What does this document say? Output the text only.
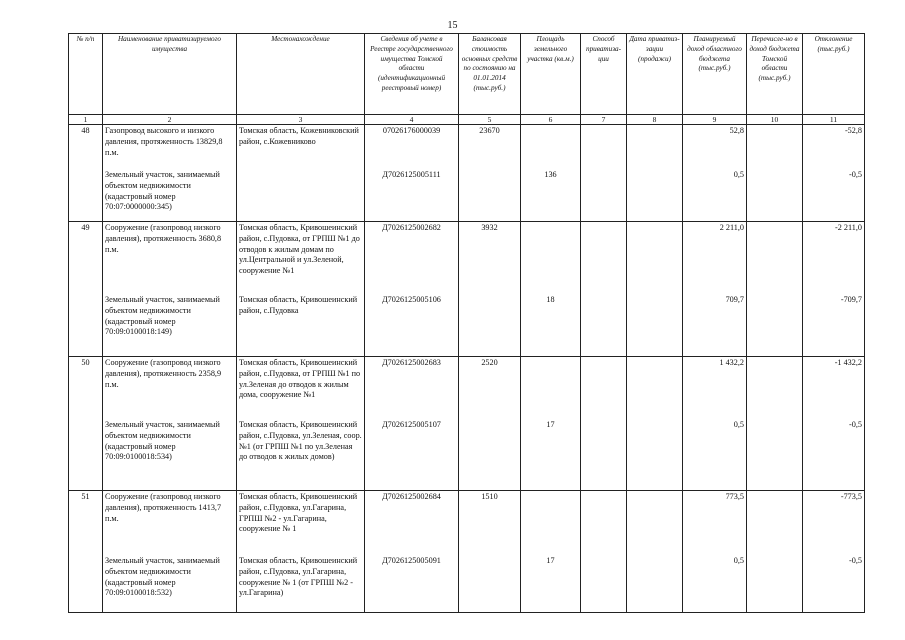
15
№ п/п	Наименование приватизируемого имущества	Местонахождение	Сведения об учете в Реестре государственного имущества Томской области (идентификационный реестровый номер)	Балансовая стоимость основных средств по состоянию на 01.01.2014 (тыс.руб.)	Площадь земельного участка (кв.м.)	Способ приватиза-ции	Дата приватиз-зации (продажи)	Планируемый доход областного бюджета (тыс.руб.)	Перечисле-но в доход бюджета Томской области (тыс.руб.)	Отклонение (тыс.руб.)
1	2	3	4	5	6	7	8	9	10	11
48	Газопровод высокого и низкого давления, протяженность 13829,8 п.м.	Томская область, Кожевниковский район, с.Кожевниково	07026176000039	23670				52,8		-52,8
	Земельный участок, занимаемый объектом недвижимости (кадастровый номер 70:07:0000000:345)		Д7026125005111		136			0,5		-0,5
49	Сооружение (газопровод низкого давления), протяженность 3680,8 п.м.	Томская область, Кривошеинский район, с.Пудовка, от ГРПШ №1 до отводов к жилым домам по ул.Центральной и ул.Зеленой, сооружение №1	Д7026125002682	3932				2 211,0		-2 211,0
	Земельный участок, занимаемый объектом недвижимости (кадастровый номер 70:09:0100018:149)	Томская область, Кривошеинский район, с.Пудовка	Д7026125005106		18			709,7		-709,7
50	Сооружение (газопровод низкого давления), протяженность 2358,9 п.м.	Томская область, Кривошеинский район, с.Пудовка, от ГРПШ №1 по ул.Зеленая до отводов к жилым дома, сооружение №1	Д7026125002683	2520				1 432,2		-1 432,2
	Земельный участок, занимаемый объектом недвижимости (кадастровый номер 70:09:0100018:534)	Томская область, Кривошеинский район, с.Пудовка, ул.Зеленая, соор.№1 (от ГРПШ №1 по ул.Зеленая до отводов к жилых домов)	Д7026125005107		17			0,5		-0,5
51	Сооружение (газопровод низкого давления), протяженность 1413,7 п.м.	Томская область, Кривошеинский район, с.Пудовка, ул.Гагарина, ГРПШ №2 - ул.Гагарина, сооружение № 1	Д7026125002684	1510				773,5		-773,5
	Земельный участок, занимаемый объектом недвижимости (кадастровый номер 70:09:0100018:532)	Томская область, Кривошеинский район, с.Пудовка, ул.Гагарина, сооружение № 1 (от ГРПШ №2 - ул.Гагарина)	Д7026125005091		17			0,5		-0,5
